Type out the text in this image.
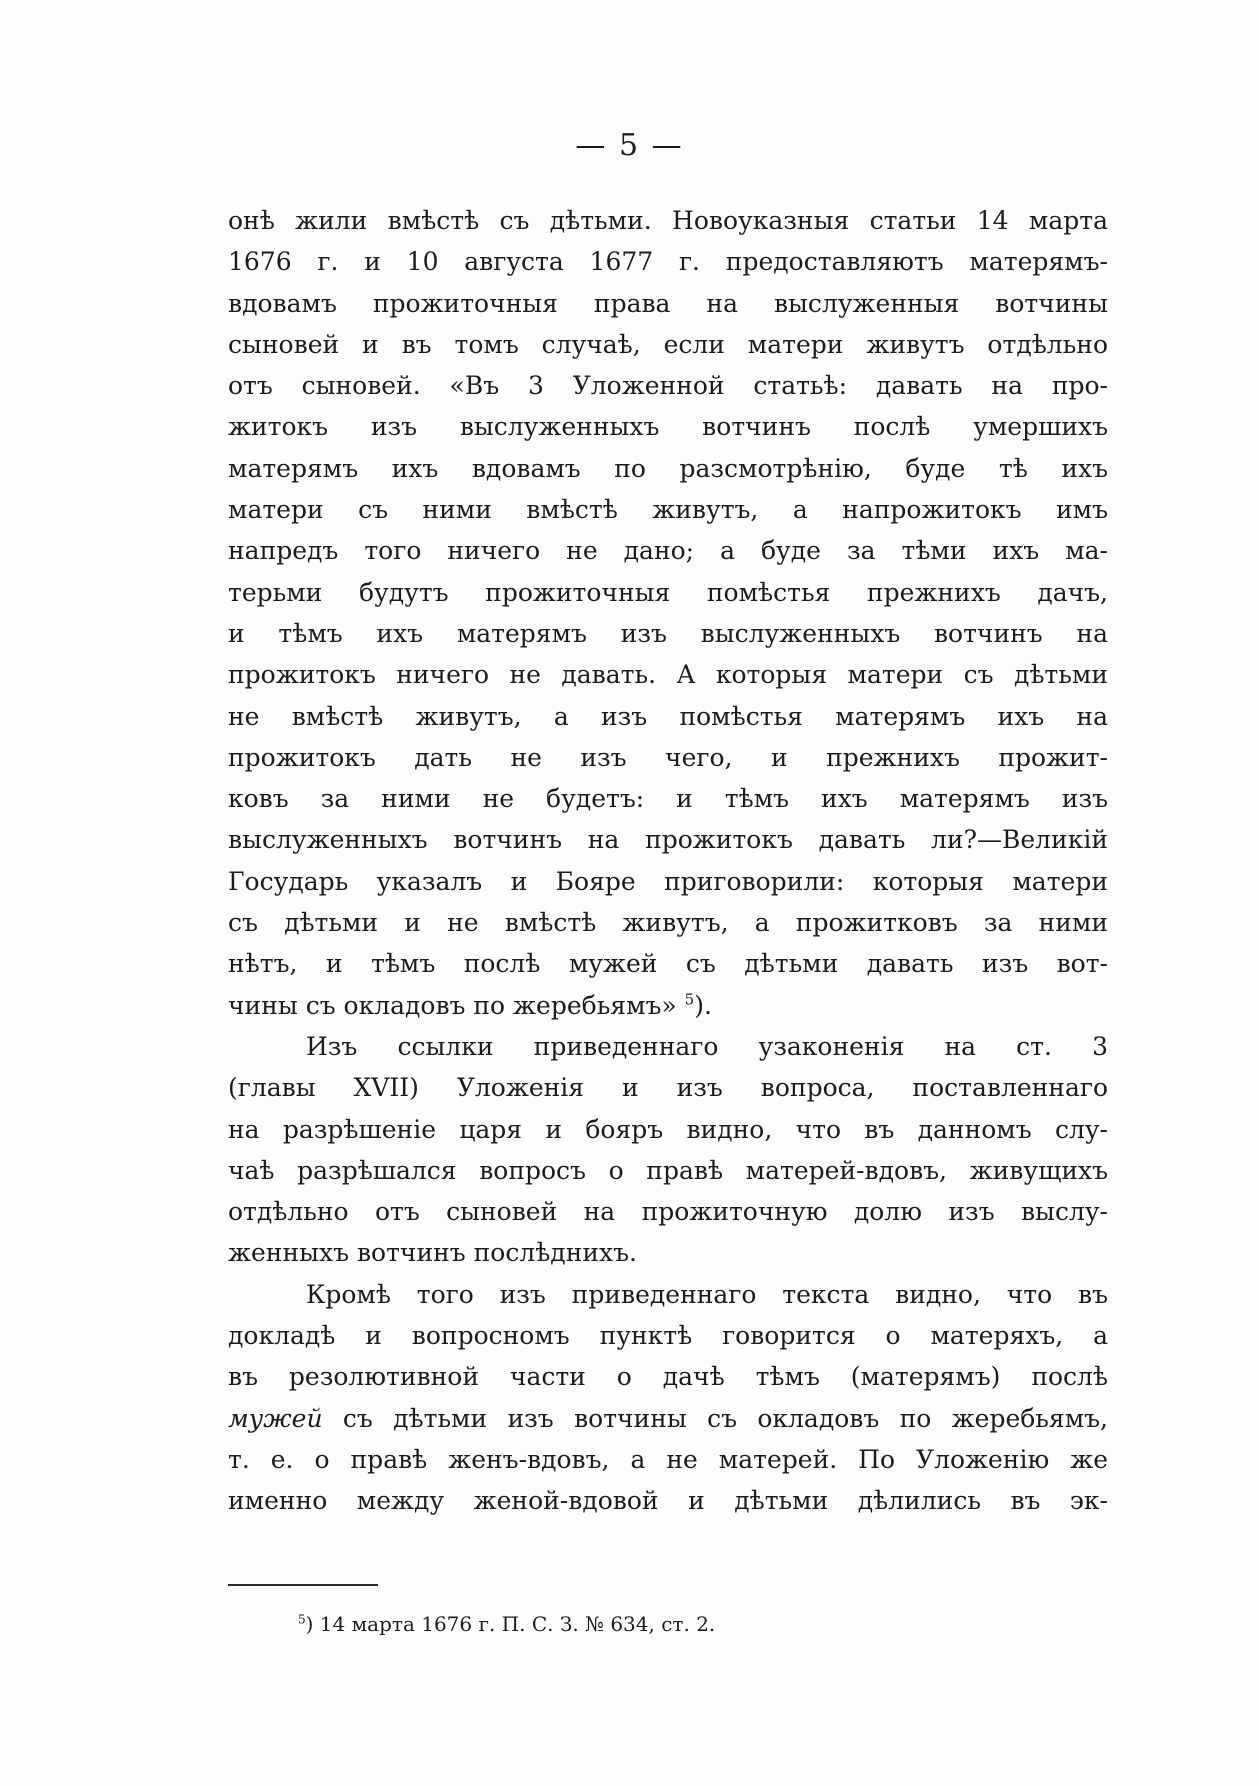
— 5 —
онѣ жили вмѣстѣ съ дѣтьми. Новоуказныя статьи 14 марта
1676 г. и 10 августа 1677 г. предоставляютъ матерямъ-
вдовамъ прожиточныя права на выслуженныя вотчины
сыновей и въ томъ случаѣ, если матери живутъ отдѣльно
отъ сыновей. «Въ 3 Уложенной статьѣ: давать на про-
житокъ изъ выслуженныхъ вотчинъ послѣ умершихъ
матерямъ ихъ вдовамъ по разсмотрѣнію, буде тѣ ихъ
матери съ ними вмѣстѣ живутъ, а напрожитокъ имъ
напредъ того ничего не дано; а буде за тѣми ихъ ма-
терьми будутъ прожиточныя помѣстья прежнихъ дачъ,
и тѣмъ ихъ матерямъ изъ выслуженныхъ вотчинъ на
прожитокъ ничего не давать. А которыя матери съ дѣтьми
не вмѣстѣ живутъ, а изъ помѣстья матерямъ ихъ на
прожитокъ дать не изъ чего, и прежнихъ прожит-
ковъ за ними не будетъ: и тѣмъ ихъ матерямъ изъ
выслуженныхъ вотчинъ на прожитокъ давать ли?—Великій
Государь указалъ и Бояре приговорили: которыя матери
съ дѣтьми и не вмѣстѣ живутъ, а прожитковъ за ними
нѣтъ, и тѣмъ послѣ мужей съ дѣтьми давать изъ вот-
чины съ окладовъ по жеребьямъ» $^5$).
Изъ ссылки приведеннаго узаконенія на ст. 3
(главы XVII) Уложенія и изъ вопроса, поставленнаго
на разрѣшеніе царя и бояръ видно, что въ данномъ слу-
чаѣ разрѣшался вопросъ о правѣ матерей-вдовъ, живущихъ
отдѣльно отъ сыновей на прожиточную долю изъ выслу-
женныхъ вотчинъ послѣднихъ.
Кромѣ того изъ приведеннаго текста видно, что въ
докладѣ и вопросномъ пунктѣ говорится о матеряхъ, а
въ резолютивной части о дачѣ тѣмъ (матерямъ) послѣ
мужей съ дѣтьми изъ вотчины съ окладовъ по жеребьямъ,
т. е. о правѣ женъ-вдовъ, а не матерей. По Уложенію же
именно между женой-вдовой и дѣтьми дѣлились въ эк-
$^5$) 14 марта 1676 г. П. С. З. № 634, ст. 2.
